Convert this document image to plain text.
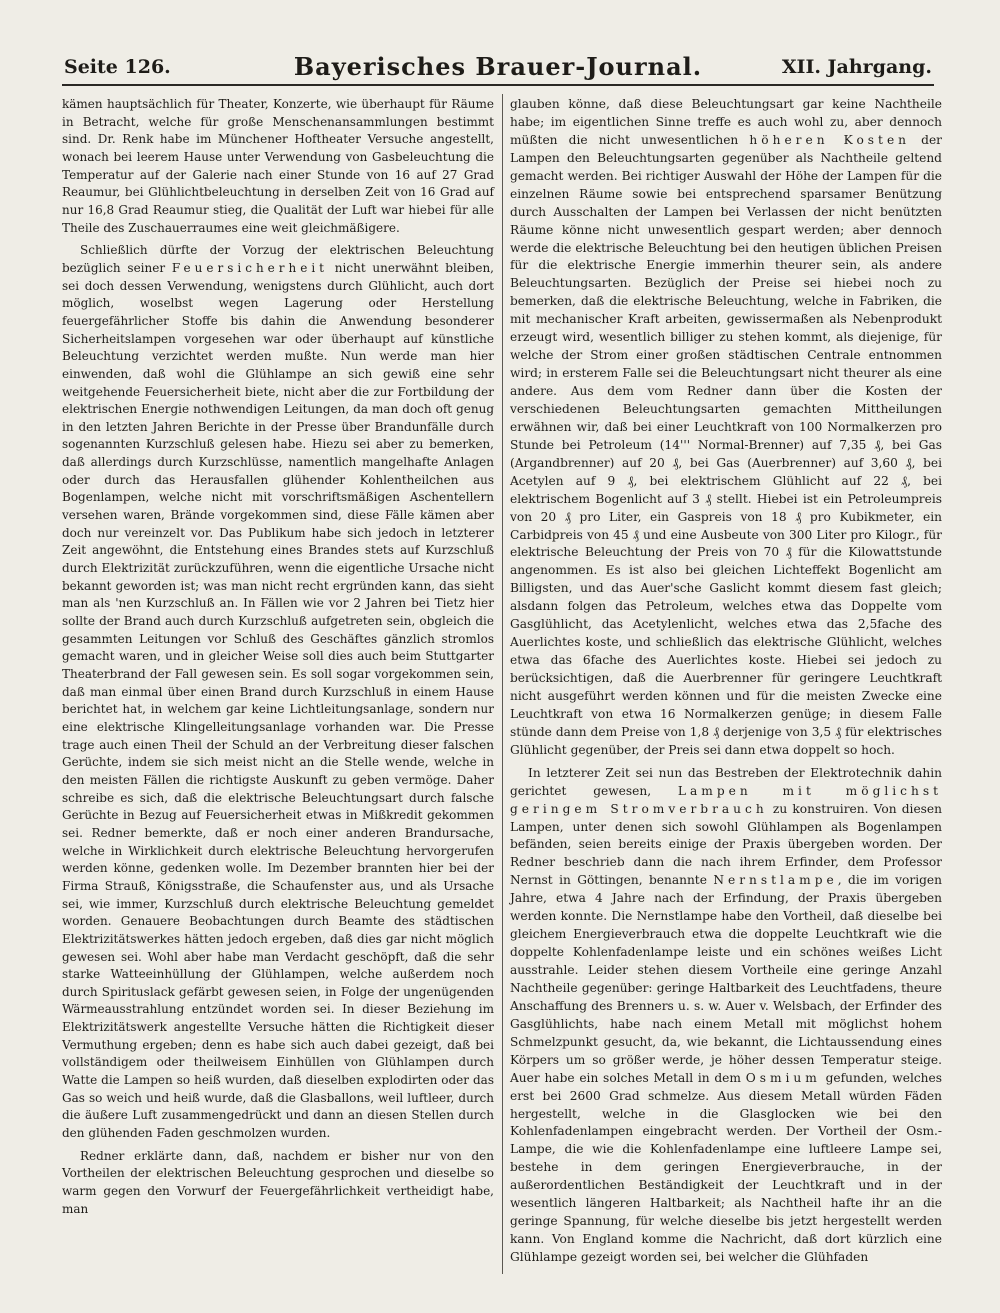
Seite 126.	Bayerisches Brauer-Journal.	XII. Jahrgang.

kämen hauptsächlich für Theater, Konzerte, wie überhaupt für Räume in Betracht, welche für große Menschenansammlungen bestimmt sind. Dr. Renk habe im Münchener Hoftheater Versuche angestellt, wonach bei leerem Hause unter Verwendung von Gasbeleuchtung die Temperatur auf der Galerie nach einer Stunde von 16 auf 27 Grad Reaumur, bei Glühlichtbeleuchtung in derselben Zeit von 16 Grad auf nur 16,8 Grad Reaumur stieg, die Qualität der Luft war hiebei für alle Theile des Zuschauerraumes eine weit gleichmäßigere.

Schließlich dürfte der Vorzug der elektrischen Beleuchtung bezüglich seiner Feuersicherheit nicht unerwähnt bleiben, sei doch dessen Verwendung, wenigstens durch Glühlicht, auch dort möglich, woselbst wegen Lagerung oder Herstellung feuergefährlicher Stoffe bis dahin die Anwendung besonderer Sicherheitslampen vorgesehen war oder überhaupt auf künstliche Beleuchtung verzichtet werden mußte. Nun werde man hier einwenden, daß wohl die Glühlampe an sich gewiß eine sehr weitgehende Feuersicherheit biete, nicht aber die zur Fortbildung der elektrischen Energie nothwendigen Leitungen, da man doch oft genug in den letzten Jahren Berichte in der Presse über Brandunfälle durch sogenannten Kurzschluß gelesen habe. Hiezu sei aber zu bemerken, daß allerdings durch Kurzschlüsse, namentlich mangelhafte Anlagen oder durch das Herausfallen glühender Kohlentheilchen aus Bogenlampen, welche nicht mit vorschriftsmäßigen Aschentellern versehen waren, Brände vorgekommen sind, diese Fälle kämen aber doch nur vereinzelt vor. Das Publikum habe sich jedoch in letzterer Zeit angewöhnt, die Entstehung eines Brandes stets auf Kurzschluß durch Elektrizität zurückzuführen, wenn die eigentliche Ursache nicht bekannt geworden ist; was man nicht recht ergründen kann, das sieht man als 'nen Kurzschluß an. In Fällen wie vor 2 Jahren bei Tietz hier sollte der Brand auch durch Kurzschluß aufgetreten sein, obgleich die gesammten Leitungen vor Schluß des Geschäftes gänzlich stromlos gemacht waren, und in gleicher Weise soll dies auch beim Stuttgarter Theaterbrand der Fall gewesen sein. Es soll sogar vorgekommen sein, daß man einmal über einen Brand durch Kurzschluß in einem Hause berichtet hat, in welchem gar keine Lichtleitungsanlage, sondern nur eine elektrische Klingelleitungsanlage vorhanden war. Die Presse trage auch einen Theil der Schuld an der Verbreitung dieser falschen Gerüchte, indem sie sich meist nicht an die Stelle wende, welche in den meisten Fällen die richtigste Auskunft zu geben vermöge. Daher schreibe es sich, daß die elektrische Beleuchtungsart durch falsche Gerüchte in Bezug auf Feuersicherheit etwas in Mißkredit gekommen sei. Redner bemerkte, daß er noch einer anderen Brandursache, welche in Wirklichkeit durch elektrische Beleuchtung hervorgerufen werden könne, gedenken wolle. Im Dezember brannten hier bei der Firma Strauß, Königsstraße, die Schaufenster aus, und als Ursache sei, wie immer, Kurzschluß durch elektrische Beleuchtung gemeldet worden. Genauere Beobachtungen durch Beamte des städtischen Elektrizitätswerkes hätten jedoch ergeben, daß dies gar nicht möglich gewesen sei. Wohl aber habe man Verdacht geschöpft, daß die sehr starke Watteeinhüllung der Glühlampen, welche außerdem noch durch Spirituslack gefärbt gewesen seien, in Folge der ungenügenden Wärmeausstrahlung entzündet worden sei. In dieser Beziehung im Elektrizitätswerk angestellte Versuche hätten die Richtigkeit dieser Vermuthung ergeben; denn es habe sich auch dabei gezeigt, daß bei vollständigem oder theilweisem Einhüllen von Glühlampen durch Watte die Lampen so heiß wurden, daß dieselben explodirten oder das Gas so weich und heiß wurde, daß die Glasballons, weil luftleer, durch die äußere Luft zusammengedrückt und dann an diesen Stellen durch den glühenden Faden geschmolzen wurden.

Redner erklärte dann, daß, nachdem er bisher nur von den Vortheilen der elektrischen Beleuchtung gesprochen und dieselbe so warm gegen den Vorwurf der Feuergefährlichkeit vertheidigt habe, man

glauben könne, daß diese Beleuchtungsart gar keine Nachtheile habe; im eigentlichen Sinne treffe es auch wohl zu, aber dennoch müßten die nicht unwesentlichen höheren Kosten der Lampen den Beleuchtungsarten gegenüber als Nachtheile geltend gemacht werden. Bei richtiger Auswahl der Höhe der Lampen für die einzelnen Räume sowie bei entsprechend sparsamer Benützung durch Ausschalten der Lampen bei Verlassen der nicht benützten Räume könne nicht unwesentlich gespart werden; aber dennoch werde die elektrische Beleuchtung bei den heutigen üblichen Preisen für die elektrische Energie immerhin theurer sein, als andere Beleuchtungsarten. Bezüglich der Preise sei hiebei noch zu bemerken, daß die elektrische Beleuchtung, welche in Fabriken, die mit mechanischer Kraft arbeiten, gewissermaßen als Nebenprodukt erzeugt wird, wesentlich billiger zu stehen kommt, als diejenige, für welche der Strom einer großen städtischen Centrale entnommen wird; in ersterem Falle sei die Beleuchtungsart nicht theurer als eine andere. Aus dem vom Redner dann über die Kosten der verschiedenen Beleuchtungsarten gemachten Mittheilungen erwähnen wir, daß bei einer Leuchtkraft von 100 Normalkerzen pro Stunde bei Petroleum (14''' Normal-Brenner) auf 7,35 ₰, bei Gas (Argandbrenner) auf 20 ₰, bei Gas (Auerbrenner) auf 3,60 ₰, bei Acetylen auf 9 ₰, bei elektrischem Glühlicht auf 22 ₰, bei elektrischem Bogenlicht auf 3 ₰ stellt. Hiebei ist ein Petroleumpreis von 20 ₰ pro Liter, ein Gaspreis von 18 ₰ pro Kubikmeter, ein Carbidpreis von 45 ₰ und eine Ausbeute von 300 Liter pro Kilogr., für elektrische Beleuchtung der Preis von 70 ₰ für die Kilowattstunde angenommen. Es ist also bei gleichen Lichteffekt Bogenlicht am Billigsten, und das Auer'sche Gaslicht kommt diesem fast gleich; alsdann folgen das Petroleum, welches etwa das Doppelte vom Gasglühlicht, das Acetylenlicht, welches etwa das 2,5fache des Auerlichtes koste, und schließlich das elektrische Glühlicht, welches etwa das 6fache des Auerlichtes koste. Hiebei sei jedoch zu berücksichtigen, daß die Auerbrenner für geringere Leuchtkraft nicht ausgeführt werden können und für die meisten Zwecke eine Leuchtkraft von etwa 16 Normalkerzen genüge; in diesem Falle stünde dann dem Preise von 1,8 ₰ derjenige von 3,5 ₰ für elektrisches Glühlicht gegenüber, der Preis sei dann etwa doppelt so hoch.

In letzterer Zeit sei nun das Bestreben der Elektrotechnik dahin gerichtet gewesen, Lampen mit möglichst geringem Stromverbrauch zu konstruiren. Von diesen Lampen, unter denen sich sowohl Glühlampen als Bogenlampen befänden, seien bereits einige der Praxis übergeben worden. Der Redner beschrieb dann die nach ihrem Erfinder, dem Professor Nernst in Göttingen, benannte Nernstlampe, die im vorigen Jahre, etwa 4 Jahre nach der Erfindung, der Praxis übergeben werden konnte. Die Nernstlampe habe den Vortheil, daß dieselbe bei gleichem Energieverbrauch etwa die doppelte Leuchtkraft wie die doppelte Kohlenfadenlampe leiste und ein schönes weißes Licht ausstrahle. Leider stehen diesem Vortheile eine geringe Anzahl Nachtheile gegenüber: geringe Haltbarkeit des Leuchtfadens, theure Anschaffung des Brenners u. s. w. Auer v. Welsbach, der Erfinder des Gasglühlichts, habe nach einem Metall mit möglichst hohem Schmelzpunkt gesucht, da, wie bekannt, die Lichtaussendung eines Körpers um so größer werde, je höher dessen Temperatur steige. Auer habe ein solches Metall in dem Osmium gefunden, welches erst bei 2600 Grad schmelze. Aus diesem Metall würden Fäden hergestellt, welche in die Glasglocken wie bei den Kohlenfadenlampen eingebracht werden. Der Vortheil der Osm.-Lampe, die wie die Kohlenfadenlampe eine luftleere Lampe sei, bestehe in dem geringen Energieverbrauche, in der außerordentlichen Beständigkeit der Leuchtkraft und in der wesentlich längeren Haltbarkeit; als Nachtheil hafte ihr an die geringe Spannung, für welche dieselbe bis jetzt hergestellt werden kann. Von England komme die Nachricht, daß dort kürzlich eine Glühlampe gezeigt worden sei, bei welcher die Glühfaden
